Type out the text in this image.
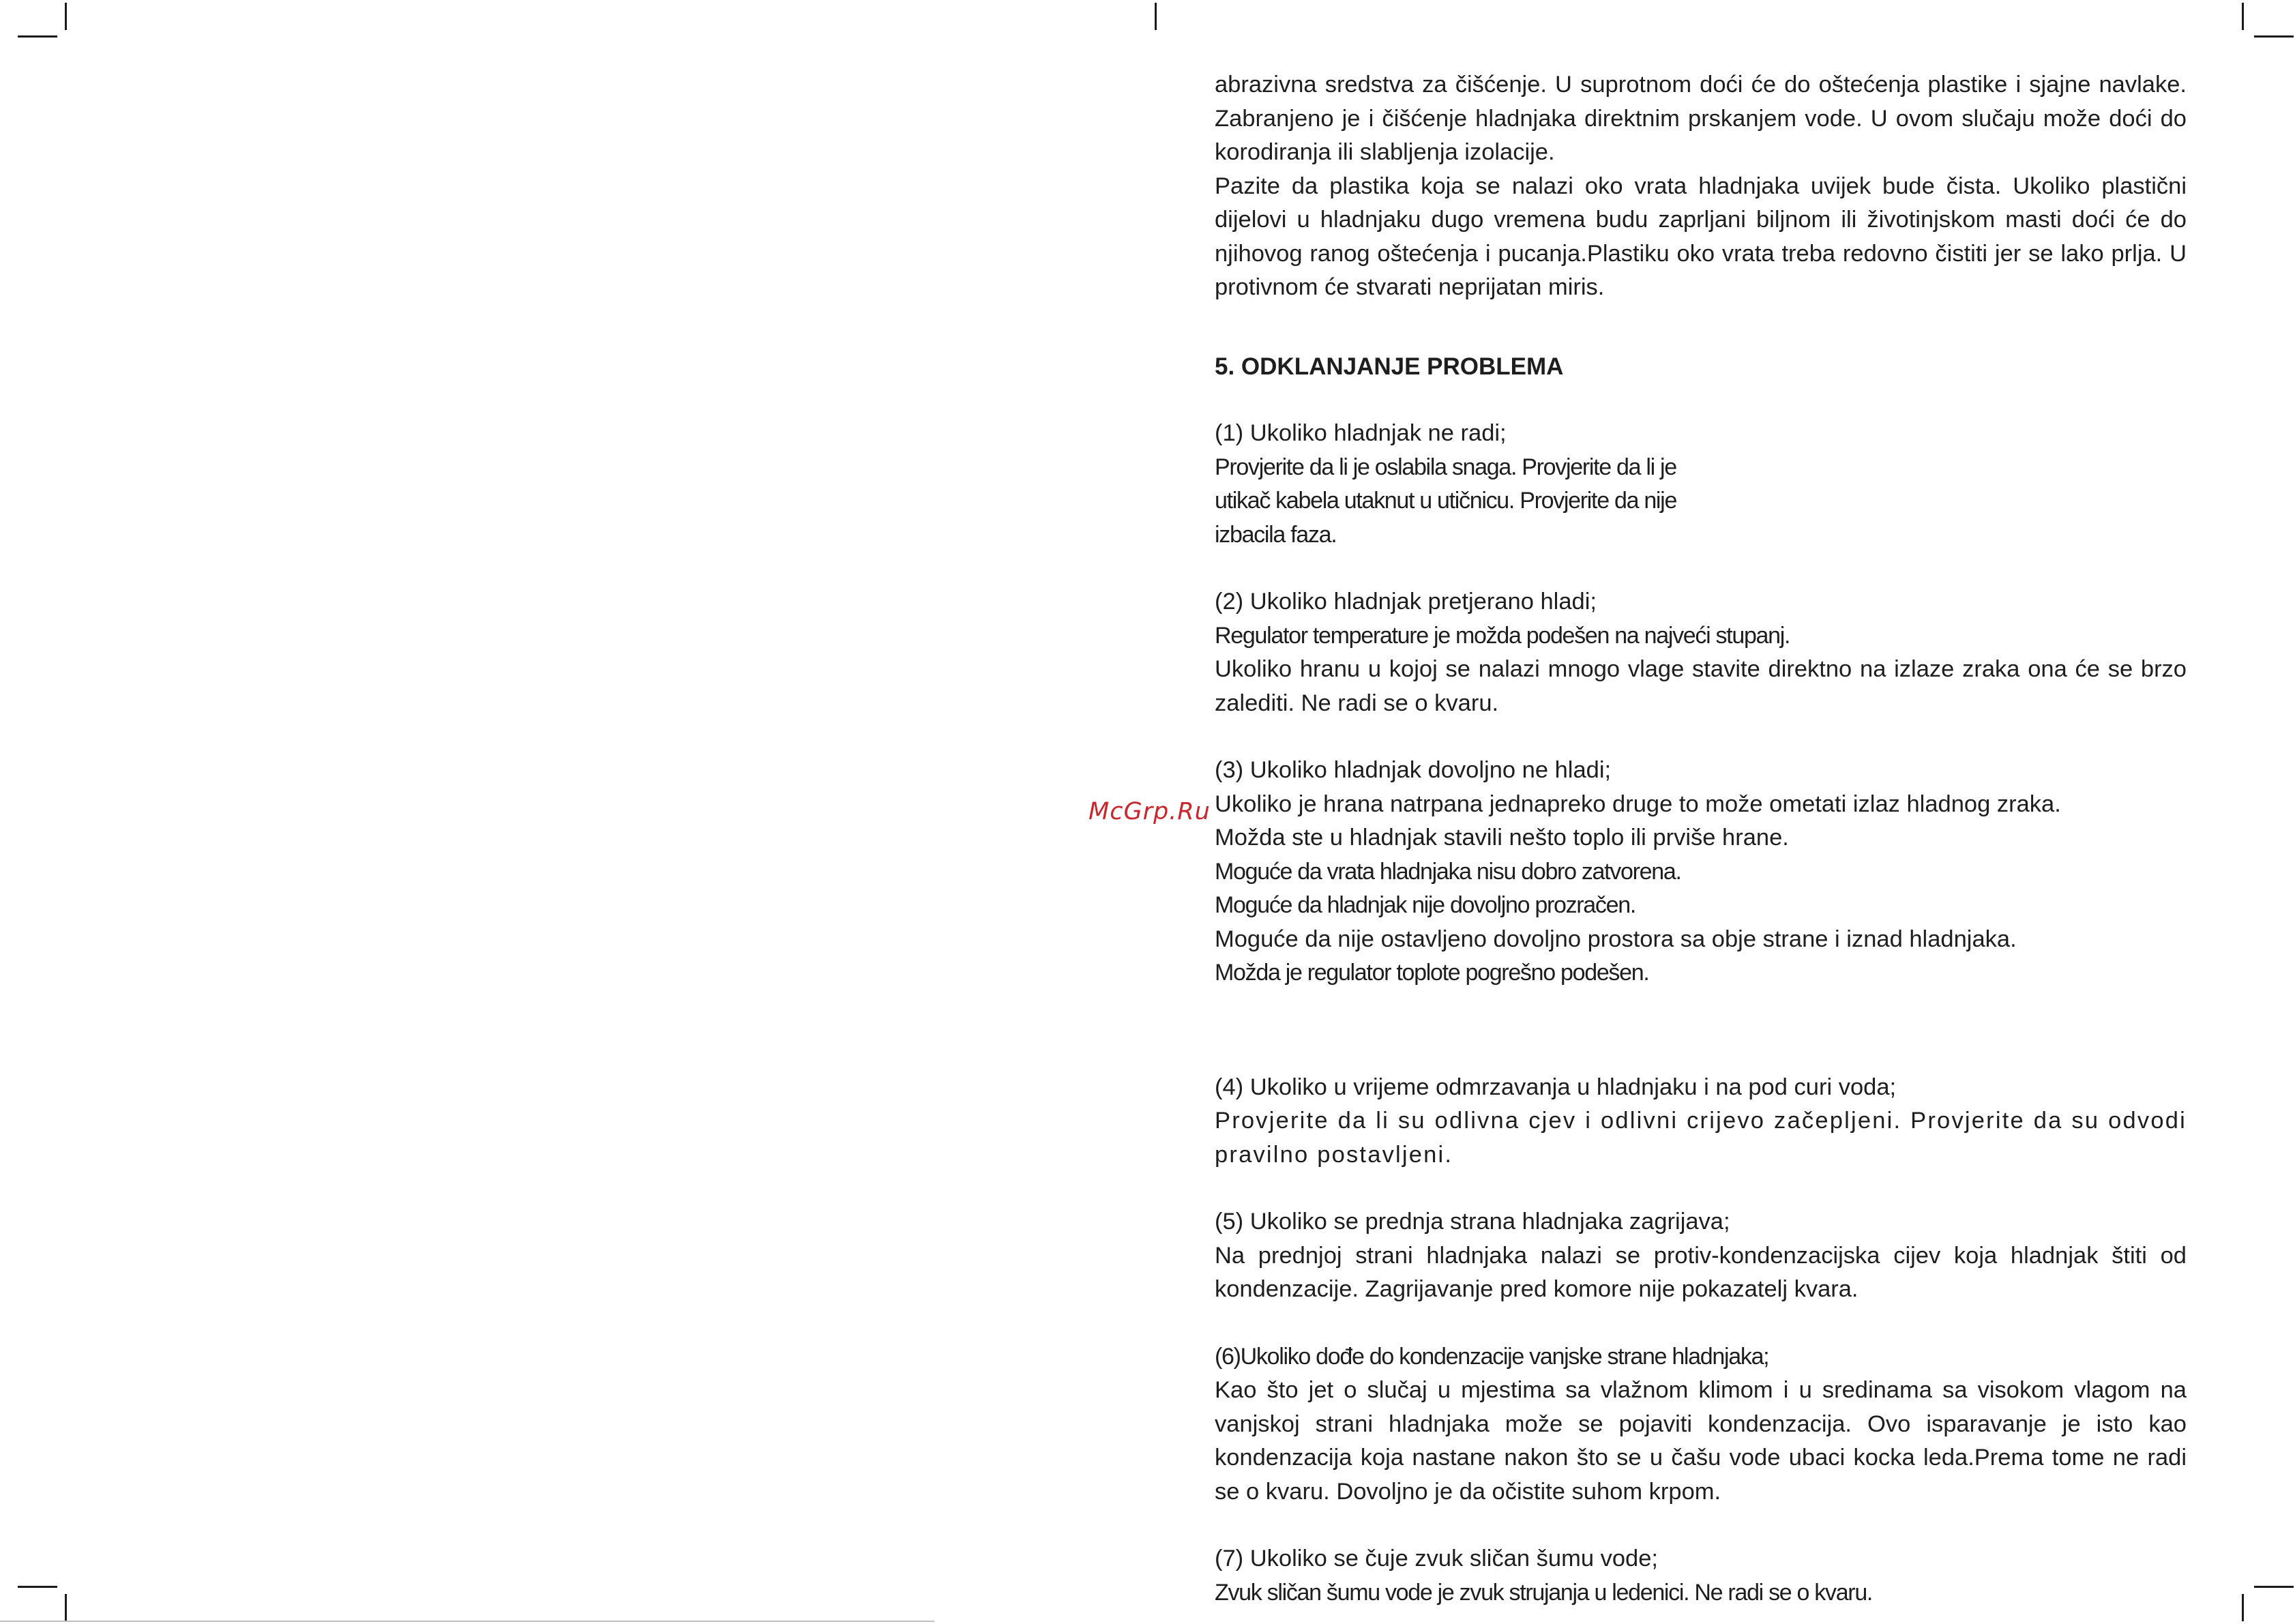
McGrp.Ru

abrazivna sredstva za čišćenje. U suprotnom doći će do oštećenja plastike i sjajne navlake. Zabranjeno je i čišćenje hladnjaka direktnim prskanjem vode. U ovom slučaju može doći do korodiranja ili slabljenja izolacije.

Pazite da plastika koja se nalazi oko vrata hladnjaka uvijek bude čista. Ukoliko plastični dijelovi u hladnjaku dugo vremena budu zaprljani biljnom ili životinjskom masti doći će do njihovog ranog oštećenja i pucanja.Plastiku oko vrata treba redovno čistiti jer se lako prlja. U protivnom će stvarati neprijatan miris.

5. ODKLANJANJE PROBLEMA

(1) Ukoliko hladnjak ne radi;

Provjerite da li je oslabila snaga. Provjerite da li je
utikač kabela utaknut u utičnicu. Provjerite da nije
izbacila faza.

(2) Ukoliko hladnjak pretjerano hladi;

Regulator temperature je možda podešen na najveći stupanj.

Ukoliko hranu u kojoj se nalazi mnogo vlage stavite direktno na izlaze zraka ona će se brzo zalediti. Ne radi se o kvaru.

(3) Ukoliko hladnjak dovoljno ne hladi;

Ukoliko je hrana natrpana jednapreko druge to može ometati izlaz hladnog zraka.
Možda ste u hladnjak stavili nešto toplo ili prviše hrane.
Moguće da vrata hladnjaka nisu dobro zatvorena.
Moguće da hladnjak nije dovoljno prozračen.
Moguće da nije ostavljeno dovoljno prostora sa obje strane i iznad hladnjaka.
Možda je regulator toplote pogrešno podešen.

(4) Ukoliko u vrijeme odmrzavanja u hladnjaku i na pod curi voda;

Provjerite da li su odlivna cjev i odlivni crijevo začepljeni. Provjerite da su odvodi pravilno postavljeni.

(5) Ukoliko se prednja strana hladnjaka zagrijava;

Na prednjoj strani hladnjaka nalazi se protiv-kondenzacijska cijev koja hladnjak štiti od kondenzacije. Zagrijavanje pred komore nije pokazatelj kvara.

(6)Ukoliko dođe do kondenzacije vanjske strane hladnjaka;

Kao što jet o slučaj u mjestima sa vlažnom klimom i u sredinama sa visokom vlagom na vanjskoj strani hladnjaka može se pojaviti kondenzacija. Ovo isparavanje je isto kao kondenzacija koja nastane nakon što se u čašu vode ubaci kocka leda.Prema tome ne radi se o kvaru. Dovoljno je da očistite suhom krpom.

(7) Ukoliko se čuje zvuk sličan šumu vode;

Zvuk sličan šumu vode je zvuk strujanja u ledenici. Ne radi se o kvaru.
